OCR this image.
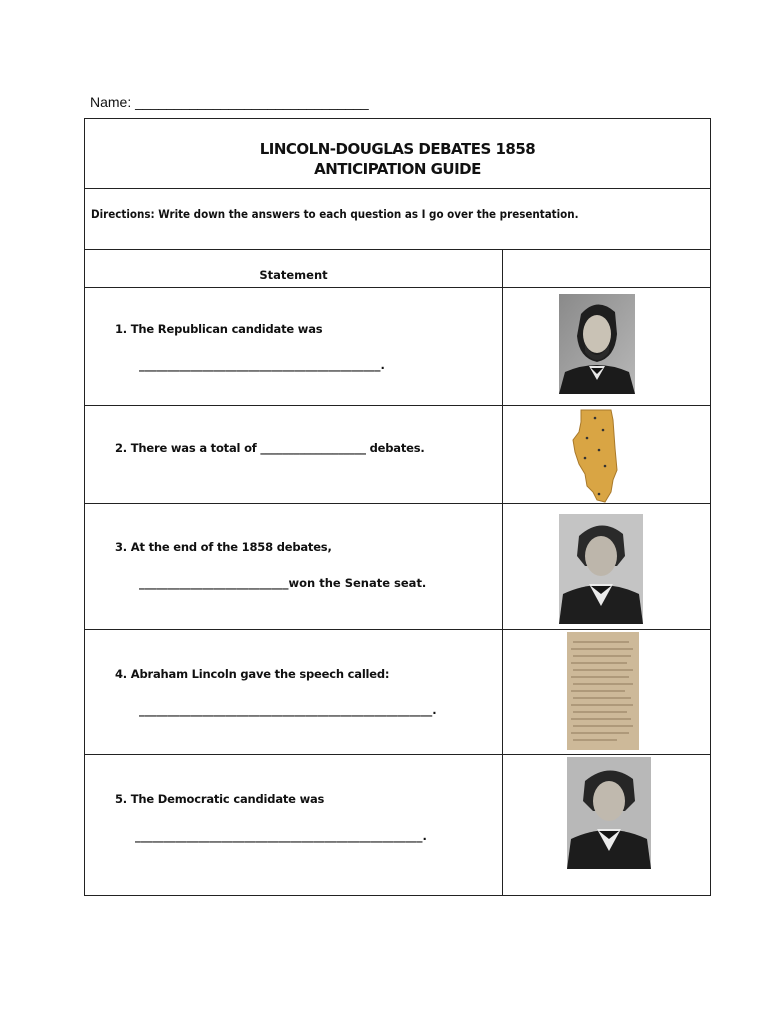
Name: ______________________________
LINCOLN-DOUGLAS DEBATES 1858
ANTICIPATION GUIDE
Directions: Write down the answers to each question as I go over the presentation.
Statement
1. The Republican candidate was
__________________________________________.
2. There was a total of ___________________ debates.
3. At the end of the 1858 debates,
__________________________won the Senate seat.
4. Abraham Lincoln gave the speech called:
___________________________________________________.
5. The Democratic candidate was
__________________________________________________.
